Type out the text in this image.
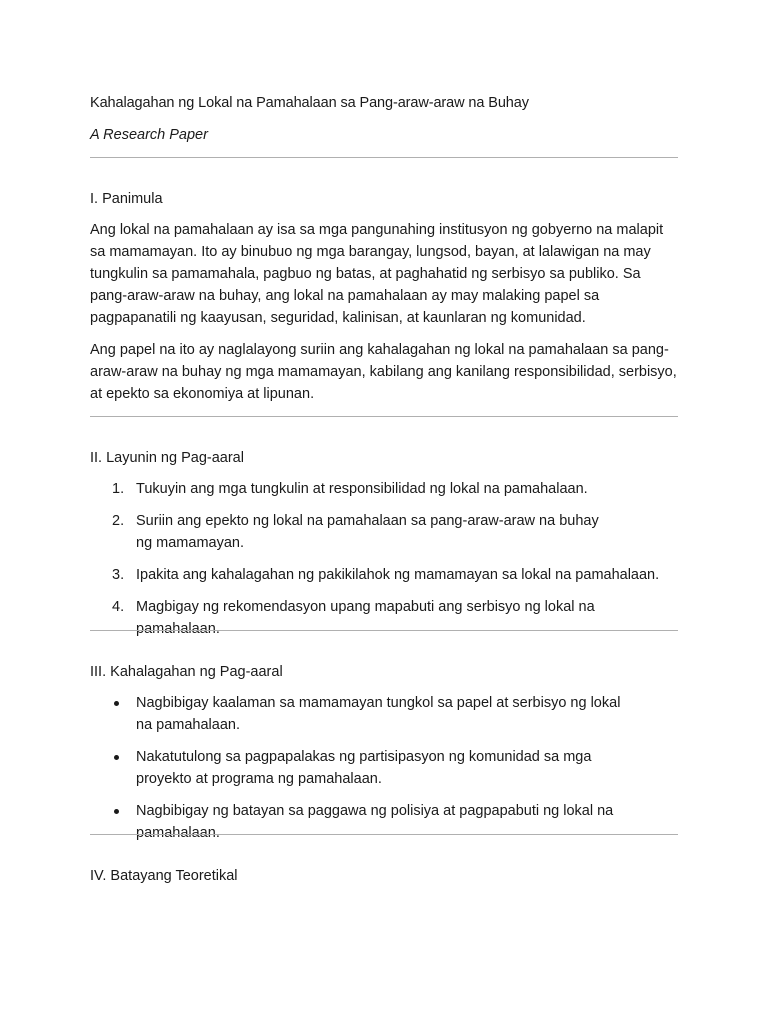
Kahalagahan ng Lokal na Pamahalaan sa Pang-araw-araw na Buhay
A Research Paper
I. Panimula

Ang lokal na pamahalaan ay isa sa mga pangunahing institusyon ng gobyerno na malapit sa mamamayan. Ito ay binubuo ng mga barangay, lungsod, bayan, at lalawigan na may tungkulin sa pamamahala, pagbuo ng batas, at paghahatid ng serbisyo sa publiko. Sa pang-araw-araw na buhay, ang lokal na pamahalaan ay may malaking papel sa pagpapanatili ng kaayusan, seguridad, kalinisan, at kaunlaran ng komunidad.

Ang papel na ito ay naglalayong suriin ang kahalagahan ng lokal na pamahalaan sa pang-araw-araw na buhay ng mga mamamayan, kabilang ang kanilang responsibilidad, serbisyo, at epekto sa ekonomiya at lipunan.

II. Layunin ng Pag-aaral
1. Tukuyin ang mga tungkulin at responsibilidad ng lokal na pamahalaan.
2. Suriin ang epekto ng lokal na pamahalaan sa pang-araw-araw na buhay ng mamamayan.
3. Ipakita ang kahalagahan ng pakikilahok ng mamamayan sa lokal na pamahalaan.
4. Magbigay ng rekomendasyon upang mapabuti ang serbisyo ng lokal na pamahalaan.
III. Kahalagahan ng Pag-aaral
Nagbibigay kaalaman sa mamamayan tungkol sa papel at serbisyo ng lokal na pamahalaan.
Nakatutulong sa pagpapalakas ng partisipasyon ng komunidad sa mga proyekto at programa ng pamahalaan.
Nagbibigay ng batayan sa paggawa ng polisiya at pagpapabuti ng lokal na pamahalaan.
IV. Batayang Teoretikal
